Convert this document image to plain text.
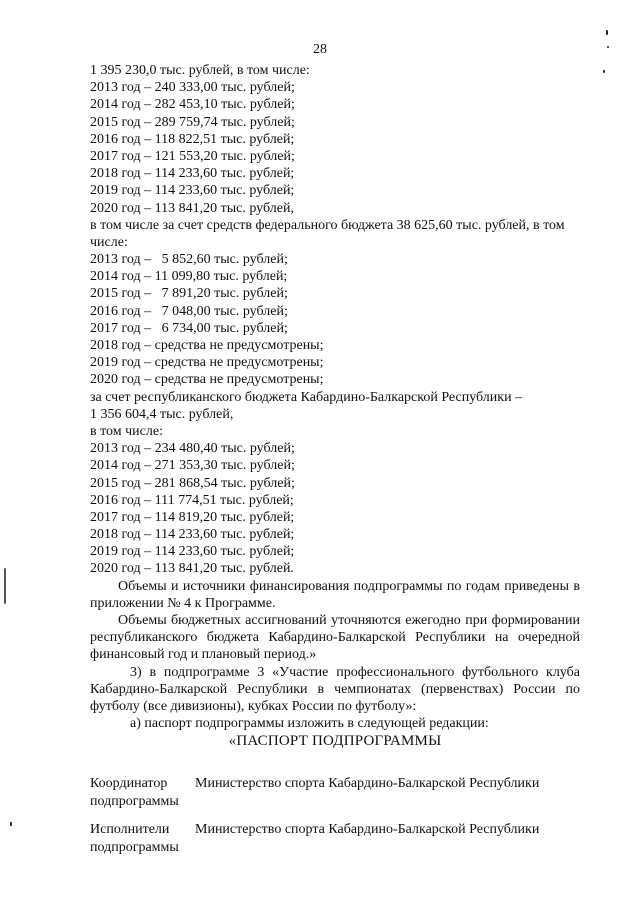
28
1 395 230,0 тыс. рублей, в том числе:
2013 год – 240 333,00 тыс. рублей;
2014 год – 282 453,10 тыс. рублей;
2015 год – 289 759,74 тыс. рублей;
2016 год – 118 822,51 тыс. рублей;
2017 год – 121 553,20 тыс. рублей;
2018 год – 114 233,60 тыс. рублей;
2019 год – 114 233,60 тыс. рублей;
2020 год – 113 841,20 тыс. рублей,
в том числе за счет средств федерального бюджета 38 625,60 тыс. рублей, в том числе:
2013 год –   5 852,60 тыс. рублей;
2014 год – 11 099,80 тыс. рублей;
2015 год –   7 891,20 тыс. рублей;
2016 год –   7 048,00 тыс. рублей;
2017 год –   6 734,00 тыс. рублей;
2018 год – средства не предусмотрены;
2019 год – средства не предусмотрены;
2020 год – средства не предусмотрены;
за счет республиканского бюджета Кабардино-Балкарской Республики –
1 356 604,4 тыс. рублей,
в том числе:
2013 год – 234 480,40 тыс. рублей;
2014 год – 271 353,30 тыс. рублей;
2015 год – 281 868,54 тыс. рублей;
2016 год – 111 774,51 тыс. рублей;
2017 год – 114 819,20 тыс. рублей;
2018 год – 114 233,60 тыс. рублей;
2019 год – 114 233,60 тыс. рублей;
2020 год – 113 841,20 тыс. рублей.
Объемы и источники финансирования подпрограммы по годам приведены в приложении № 4 к Программе.
Объемы бюджетных ассигнований уточняются ежегодно при формировании республиканского бюджета Кабардино-Балкарской Республики на очередной финансовый год и плановый период.»
3) в подпрограмме 3 «Участие профессионального футбольного клуба Кабардино-Балкарской Республики в чемпионатах (первенствах) России по футболу (все дивизионы), кубках России по футболу»:
а) паспорт подпрограммы изложить в следующей редакции:
«ПАСПОРТ ПОДПРОГРАММЫ
Координатор подпрограммы
Министерство спорта Кабардино-Балкарской Республики
Исполнители подпрограммы
Министерство спорта Кабардино-Балкарской Республики
